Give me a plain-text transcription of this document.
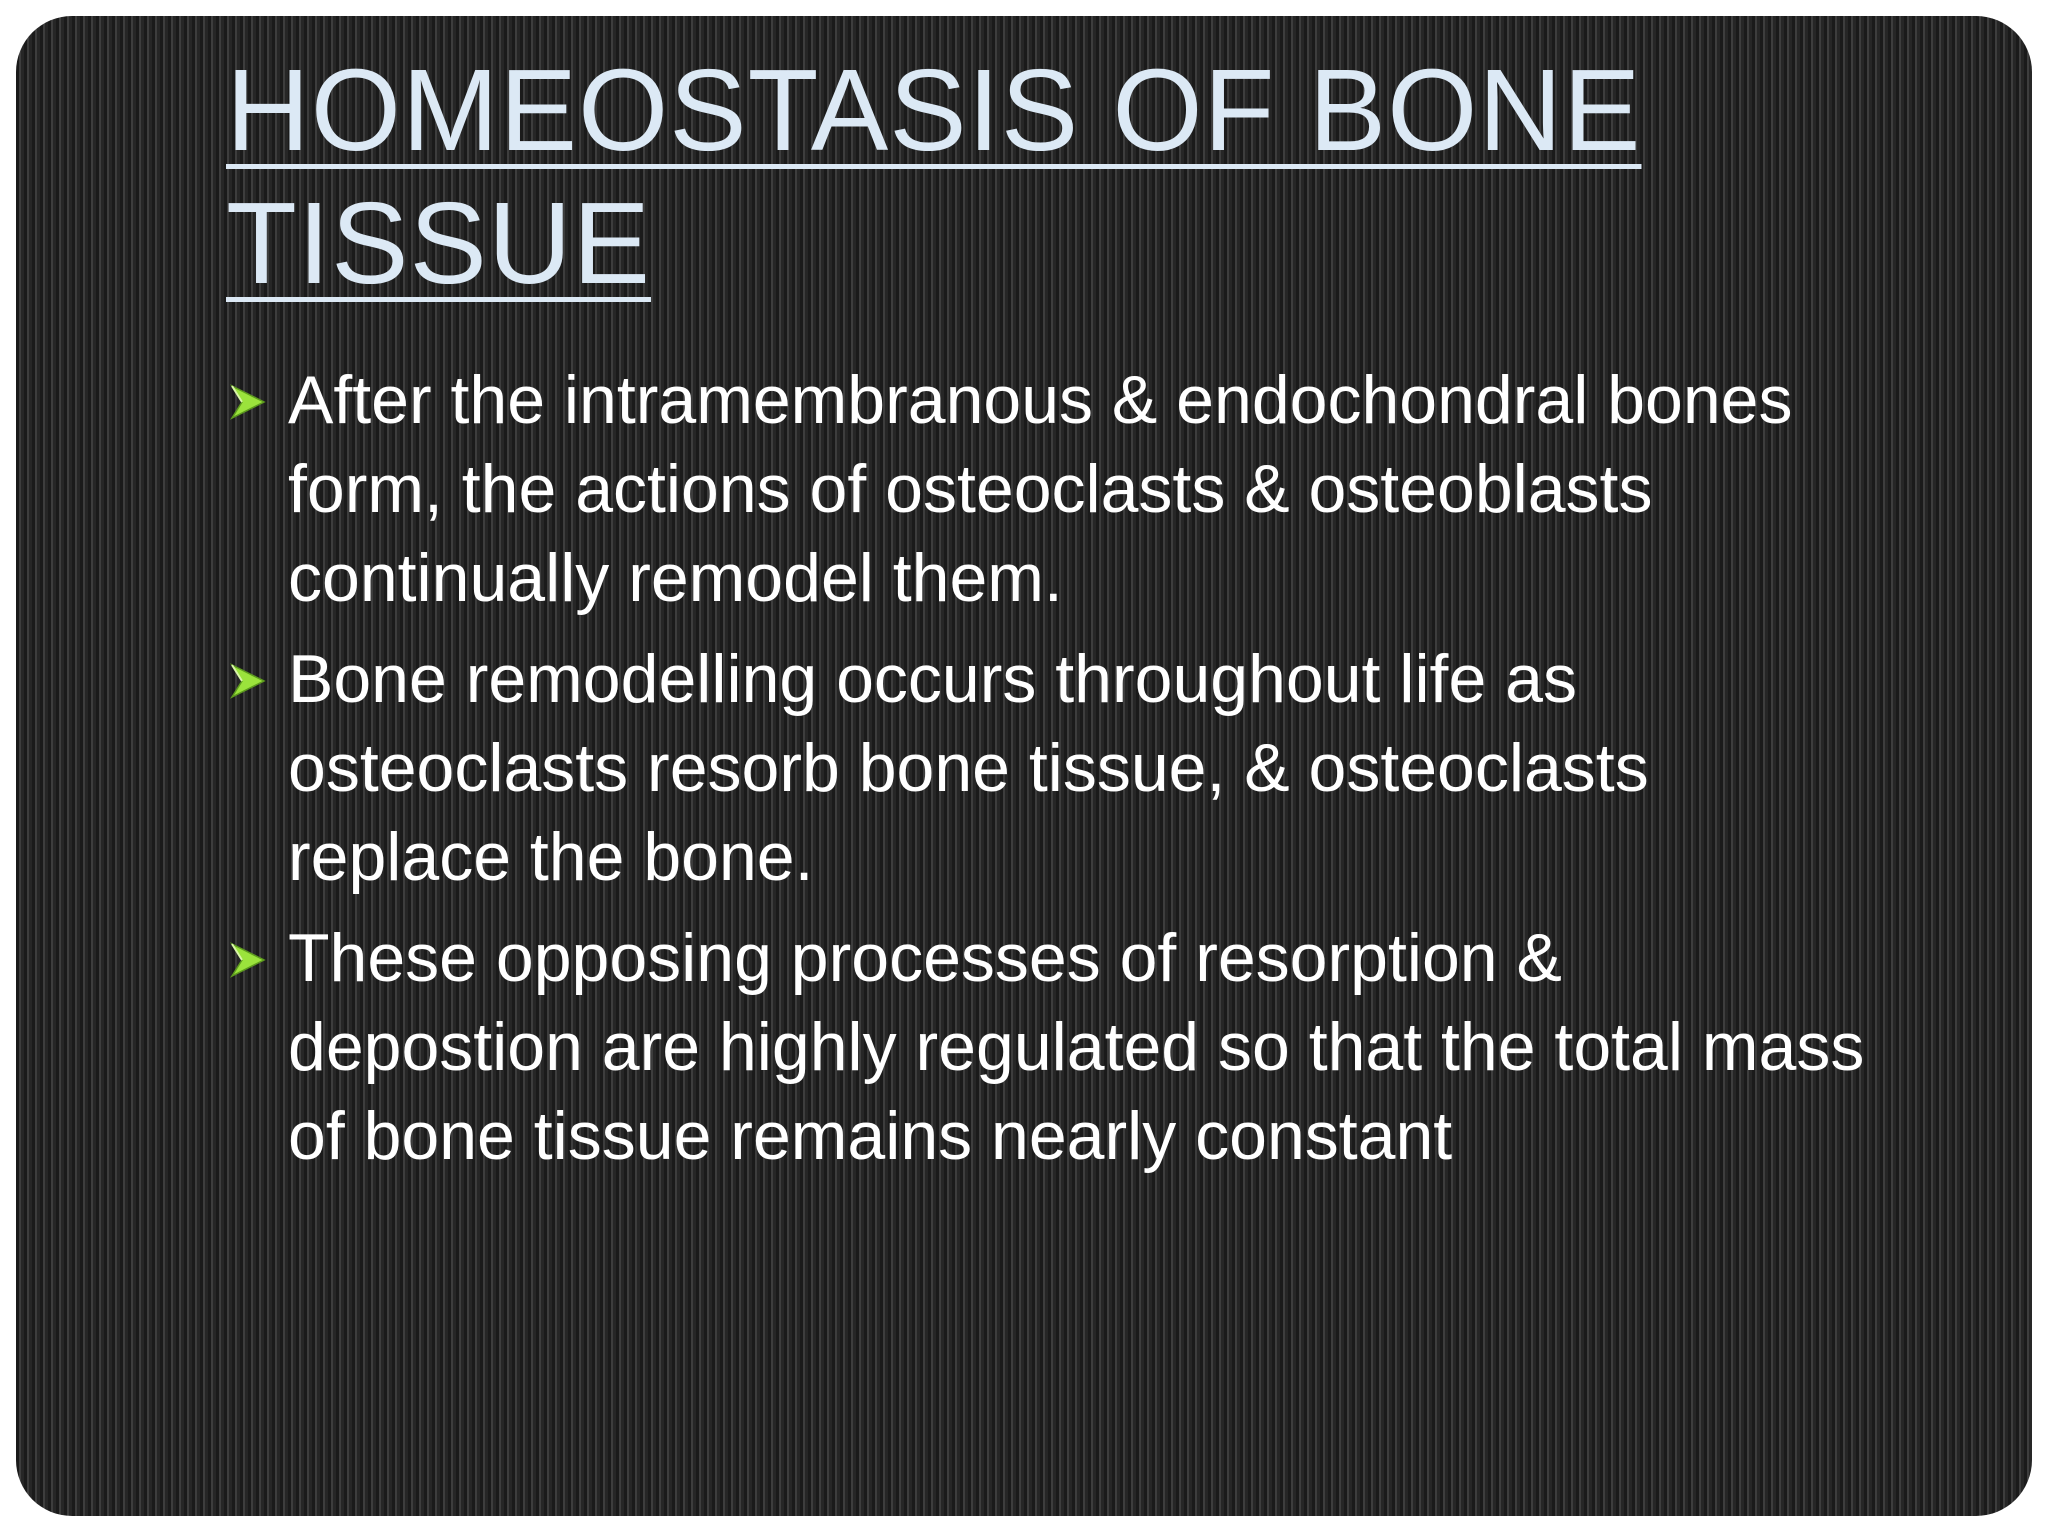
HOMEOSTASIS OF BONE TISSUE
After the intramembranous & endochondral bones form, the actions of osteoclasts & osteoblasts continually remodel them.
Bone remodelling occurs throughout life as osteoclasts resorb bone tissue, & osteoclasts replace the bone.
These opposing processes of resorption & depostion are highly regulated so that the total mass of bone tissue remains nearly constant
